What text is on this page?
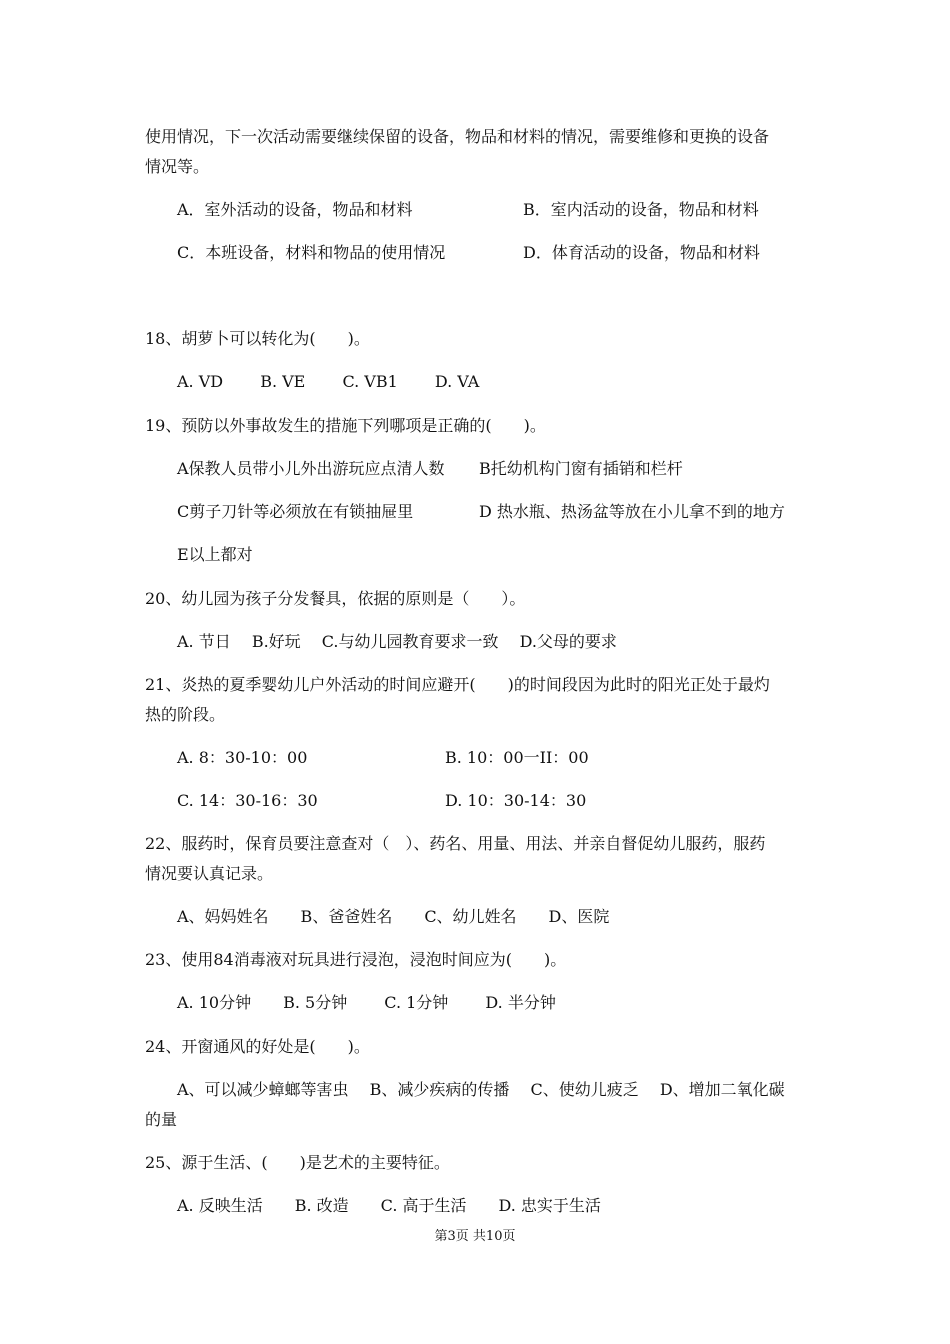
使用情况，下一次活动需要继续保留的设备，物品和材料的情况，需要维修和更换的设备
情况等。
A．室外活动的设备，物品和材料	B．室内活动的设备，物品和材料
C．本班设备，材料和物品的使用情况	D．体育活动的设备，物品和材料
18、胡萝卜可以转化为(　　)。
A. VD　　 B. VE　　 C. VB1　　 D. VA
19、预防以外事故发生的措施下列哪项是正确的(　　)。
A保教人员带小儿外出游玩应点清人数 B托幼机构门窗有插销和栏杆
C剪子刀针等必须放在有锁抽屉里	D 热水瓶、热汤盆等放在小儿拿不到的地方
E以上都对
20、幼儿园为孩子分发餐具，依据的原则是（　　）。
A. 节日　 B.好玩　 C.与幼儿园教育要求一致　 D.父母的要求
21、炎热的夏季婴幼儿户外活动的时间应避开(　　)的时间段因为此时的阳光正处于最灼
热的阶段。
A. 8：30-10：00	B. 10：00一II：00
C. 14：30-16：30	D. 10：30-14：30
22、服药时，保育员要注意查对（　）、药名、用量、用法、并亲自督促幼儿服药，服药
情况要认真记录。
A、妈妈姓名　　B、爸爸姓名　　C、幼儿姓名　　D、医院
23、使用84消毒液对玩具进行浸泡，浸泡时间应为(　　)。
A. 10分钟　　B. 5分钟　　 C. 1分钟　　 D. 半分钟
24、开窗通风的好处是(　　)。
A、可以减少蟑螂等害虫　 B、减少疾病的传播　 C、使幼儿疲乏　 D、增加二氧化碳
的量
25、源于生活、(　　)是艺术的主要特征。
A. 反映生活　　B. 改造　　C. 高于生活　　D. 忠实于生活
第3页 共10页
